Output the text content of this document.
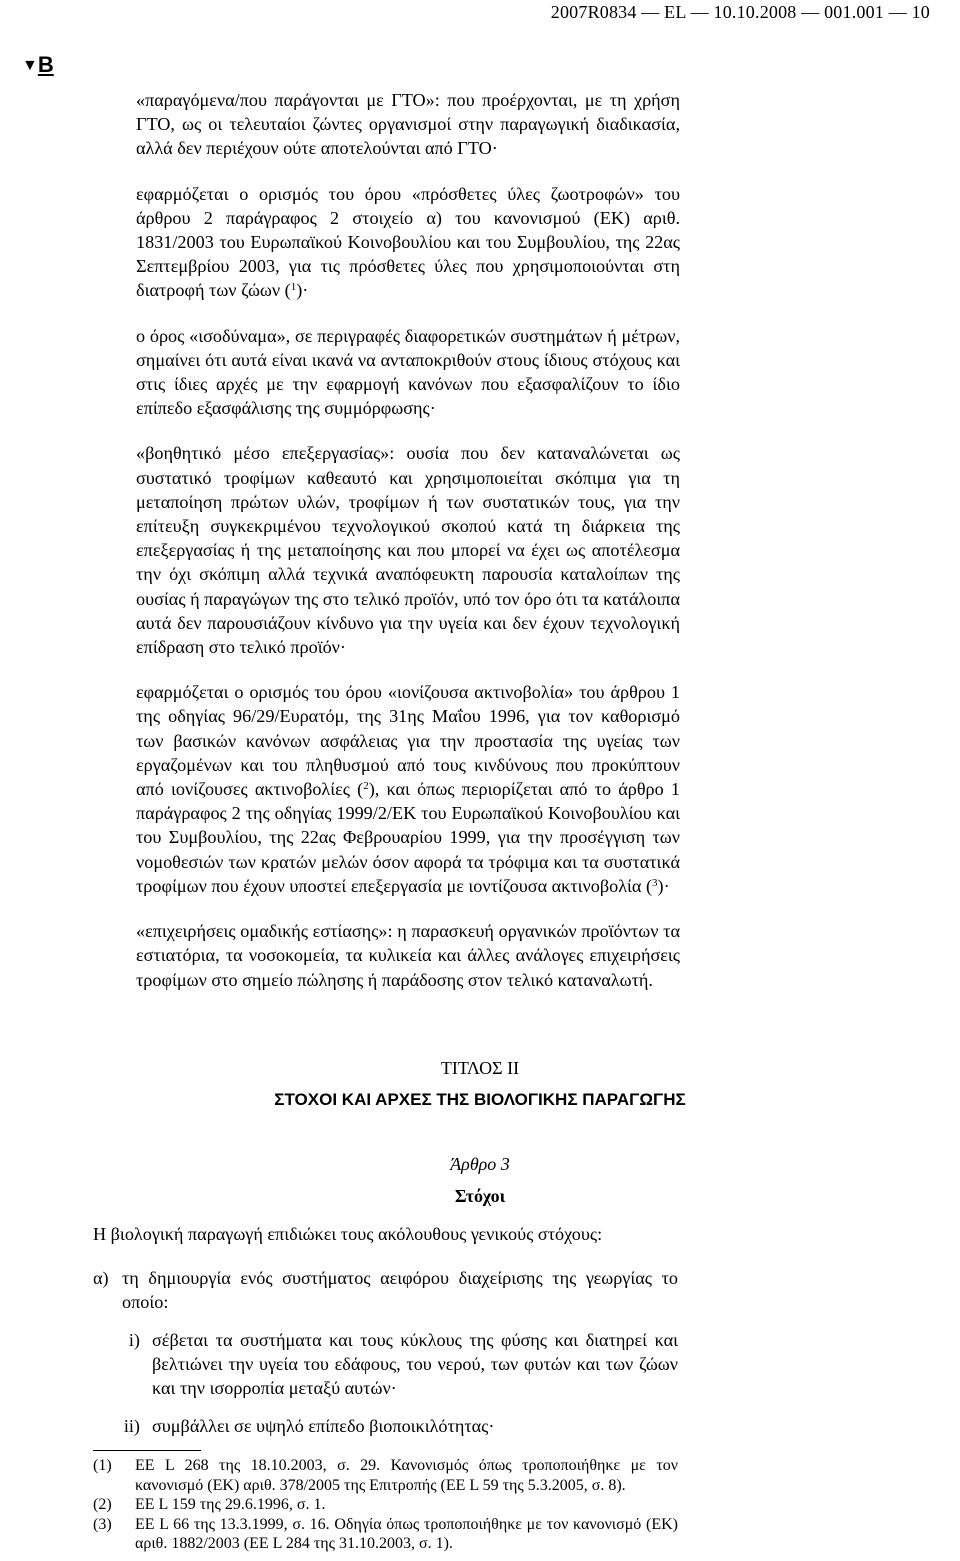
2007R0834 — EL — 10.10.2008 — 001.001 — 10
▼B
«παραγόμενα/που παράγονται με ΓΤΟ»: που προέρχονται, με τη χρήση ΓΤΟ, ως οι τελευταίοι ζώντες οργανισμοί στην παραγωγική διαδικασία, αλλά δεν περιέχουν ούτε αποτελούνται από ΓΤΟ·
εφαρμόζεται ο ορισμός του όρου «πρόσθετες ύλες ζωοτροφών» του άρθρου 2 παράγραφος 2 στοιχείο α) του κανονισμού (ΕΚ) αριθ. 1831/2003 του Ευρωπαϊκού Κοινοβουλίου και του Συμβουλίου, της 22ας Σεπτεμβρίου 2003, για τις πρόσθετες ύλες που χρησιμοποιούνται στη διατροφή των ζώων ($^1$)·
ο όρος «ισοδύναμα», σε περιγραφές διαφορετικών συστημάτων ή μέτρων, σημαίνει ότι αυτά είναι ικανά να ανταποκριθούν στους ίδιους στόχους και στις ίδιες αρχές με την εφαρμογή κανόνων που εξασφαλίζουν το ίδιο επίπεδο εξασφάλισης της συμμόρφωσης·
«βοηθητικό μέσο επεξεργασίας»: ουσία που δεν καταναλώνεται ως συστατικό τροφίμων καθεαυτό και χρησιμοποιείται σκόπιμα για τη μεταποίηση πρώτων υλών, τροφίμων ή των συστατικών τους, για την επίτευξη συγκεκριμένου τεχνολογικού σκοπού κατά τη διάρκεια της επεξεργασίας ή της μεταποίησης και που μπορεί να έχει ως αποτέλεσμα την όχι σκόπιμη αλλά τεχνικά αναπόφευκτη παρουσία καταλοίπων της ουσίας ή παραγώγων της στο τελικό προϊόν, υπό τον όρο ότι τα κατάλοιπα αυτά δεν παρουσιάζουν κίνδυνο για την υγεία και δεν έχουν τεχνολογική επίδραση στο τελικό προϊόν·
εφαρμόζεται ο ορισμός του όρου «ιονίζουσα ακτινοβολία» του άρθρου 1 της οδηγίας 96/29/Ευρατόμ, της 31ης Μαΐου 1996, για τον καθορισμό των βασικών κανόνων ασφάλειας για την προστασία της υγείας των εργαζομένων και του πληθυσμού από τους κινδύνους που προκύπτουν από ιονίζουσες ακτινοβολίες ($^2$), και όπως περιορίζεται από το άρθρο 1 παράγραφος 2 της οδηγίας 1999/2/ΕΚ του Ευρωπαϊκού Κοινοβουλίου και του Συμβουλίου, της 22ας Φεβρουαρίου 1999, για την προσέγγιση των νομοθεσιών των κρατών μελών όσον αφορά τα τρόφιμα και τα συστατικά τροφίμων που έχουν υποστεί επεξεργασία με ιοντίζουσα ακτινοβολία ($^3$)·
«επιχειρήσεις ομαδικής εστίασης»: η παρασκευή οργανικών προϊόντων τα εστιατόρια, τα νοσοκομεία, τα κυλικεία και άλλες ανάλογες επιχειρήσεις τροφίμων στο σημείο πώλησης ή παράδοσης στον τελικό καταναλωτή.
ΤΙΤΛΟΣ II
ΣΤΟΧΟΙ ΚΑΙ ΑΡΧΕΣ ΤΗΣ ΒΙΟΛΟΓΙΚΗΣ ΠΑΡΑΓΩΓΗΣ
Άρθρο 3
Στόχοι
Η βιολογική παραγωγή επιδιώκει τους ακόλουθους γενικούς στόχους:
α) τη δημιουργία ενός συστήματος αειφόρου διαχείρισης της γεωργίας το οποίο:
i) σέβεται τα συστήματα και τους κύκλους της φύσης και διατηρεί και βελτιώνει την υγεία του εδάφους, του νερού, των φυτών και των ζώων και την ισορροπία μεταξύ αυτών·
ii) συμβάλλει σε υψηλό επίπεδο βιοποικιλότητας·
(1) ΕΕ L 268 της 18.10.2003, σ. 29. Κανονισμός όπως τροποποιήθηκε με τον κανονισμό (ΕΚ) αριθ. 378/2005 της Επιτροπής (ΕΕ L 59 της 5.3.2005, σ. 8).
(2) ΕΕ L 159 της 29.6.1996, σ. 1.
(3) ΕΕ L 66 της 13.3.1999, σ. 16. Οδηγία όπως τροποποιήθηκε με τον κανονισμό (ΕΚ) αριθ. 1882/2003 (ΕΕ L 284 της 31.10.2003, σ. 1).
